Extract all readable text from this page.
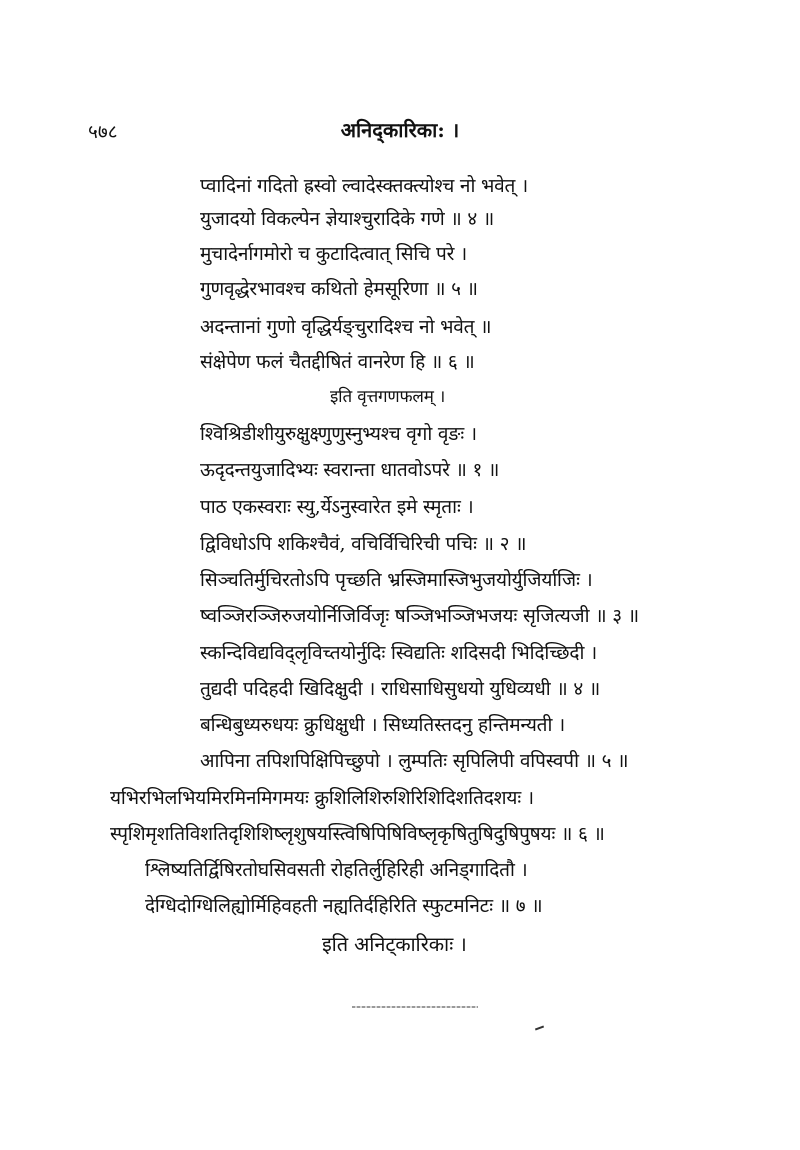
५७८	अनिद्कारिका: ।
प्वादिनां गदितो ह्रस्वो ल्वादेस्क्तक्त्योश्च नो भवेत् ।
युजादयो विकल्पेन ज्ञेयाश्चुरादिके गणे ॥ ४ ॥
मुचादेर्नागमोरो च कुटादित्वात् सिचि परे ।
गुणवृद्धेरभावश्च कथितो हेमसूरिणा ॥ ५ ॥
अदन्तानां गुणो वृद्धिर्यङ्चुरादिश्च नो भवेत् ॥
संक्षेपेण फलं चैतद्दीषितं वानरेण हि ॥ ६ ॥
इति वृत्तगणफलम् ।
श्विश्रिडीशीयुरुक्षुक्ष्णुणुस्नुभ्यश्च वृगो वृङः ।
ऊदृदन्तयुजादिभ्यः स्वरान्ता धातवोऽपरे ॥ १ ॥
पाठ एकस्वराः स्यु,र्येऽनुस्वारेत इमे स्मृताः ।
द्विविधोऽपि शकिश्चैवं, वचिर्विचिरिची पचिः ॥ २ ॥
सिञ्चतिर्मुचिरतोऽपि पृच्छति भ्रस्जिमास्जिभुजयोर्युजिर्याजिः ।
ष्वञ्जिरञ्जिरुजयोर्निजिर्विजृः षञ्जिभञ्जिभजयः सृजित्यजी ॥ ३ ॥
स्कन्दिविद्यविद्लृविच्तयोर्नुदिः स्विद्यतिः शदिसदी भिदिच्छिदी ।
तुद्यदी पदिहदी खिदिक्षुदी । राधिसाधिसुधयो युधिव्यधी ॥ ४ ॥
बन्धिबुध्यरुधयः क्रुधिक्षुधी । सिध्यतिस्तदनु हन्तिमन्यती ।
आपिना तपिशपिक्षिपिच्छुपो । लुम्पतिः सृपिलिपी वपिस्वपी ॥ ५ ॥
यभिरभिलभियमिरमिनमिगमयः क्रुशिलिशिरुशिरिशिदिशतिदशयः ।
स्पृशिमृशतिविशतिदृशिशिष्लृशुषयस्त्विषिपिषिविष्लृकृषितुषिदुषिपुषयः ॥ ६ ॥
श्लिष्यतिर्द्विषिरतोघसिवसती रोहतिर्लुहिरिही अनिड्गादितौ ।
देग्धिदोग्धिलिह्योर्मिहिवहती नह्यतिर्दहिरिति स्फुटमनिटः ॥ ७ ॥
इति अनिट्कारिकाः ।
